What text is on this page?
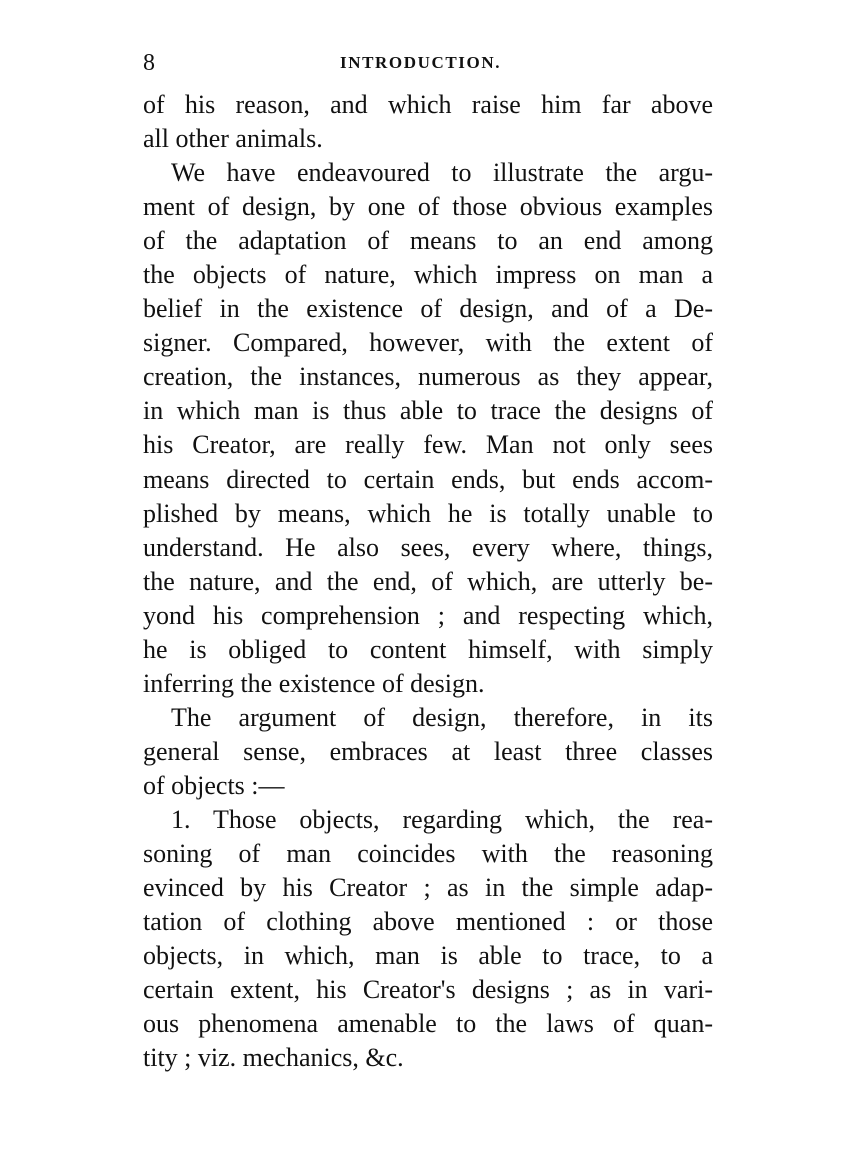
8	INTRODUCTION.
of his reason, and which raise him far above
all other animals.
We have endeavoured to illustrate the argu-
ment of design, by one of those obvious examples
of the adaptation of means to an end among
the objects of nature, which impress on man a
belief in the existence of design, and of a De-
signer. Compared, however, with the extent of
creation, the instances, numerous as they appear,
in which man is thus able to trace the designs of
his Creator, are really few. Man not only sees
means directed to certain ends, but ends accom-
plished by means, which he is totally unable to
understand. He also sees, every where, things,
the nature, and the end, of which, are utterly be-
yond his comprehension ; and respecting which,
he is obliged to content himself, with simply
inferring the existence of design.
The argument of design, therefore, in its
general sense, embraces at least three classes
of objects :—
1. Those objects, regarding which, the rea-
soning of man coincides with the reasoning
evinced by his Creator ; as in the simple adap-
tation of clothing above mentioned : or those
objects, in which, man is able to trace, to a
certain extent, his Creator's designs ; as in vari-
ous phenomena amenable to the laws of quan-
tity ; viz. mechanics, &c.
